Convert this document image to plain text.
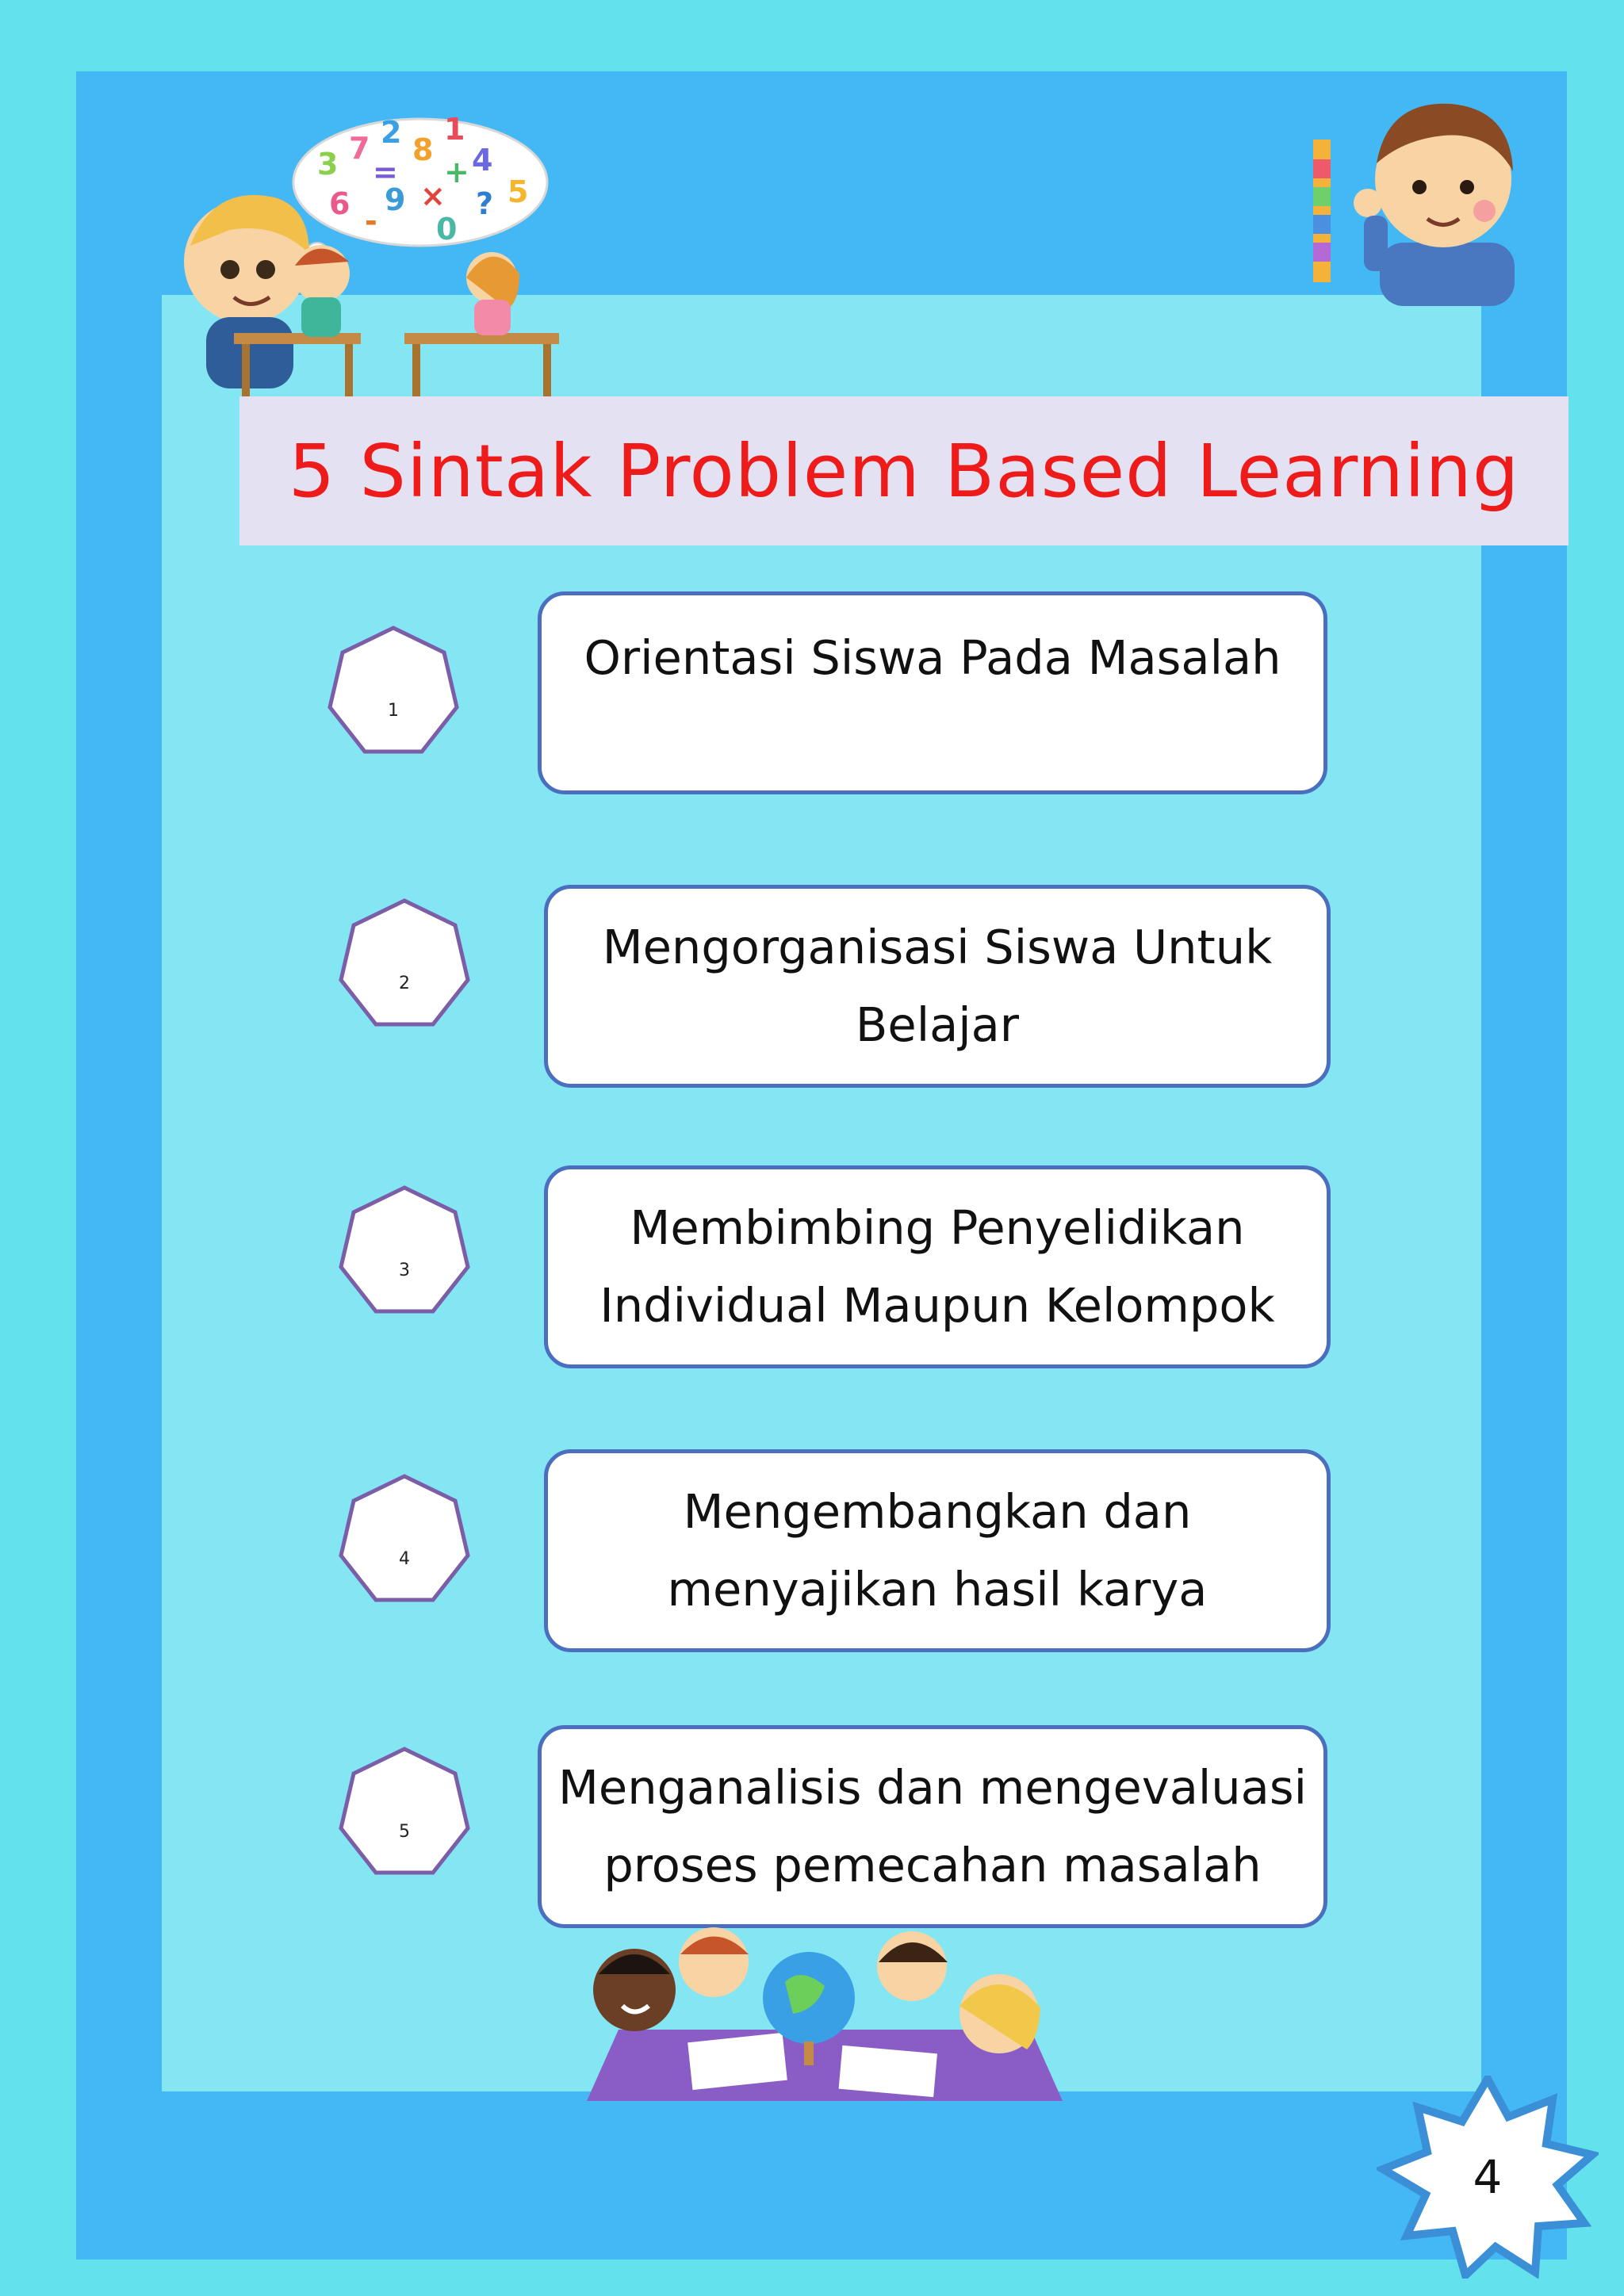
3 7 2 8
1
= + 4
6 9 × ? 5
0
-
5 Sintak Problem Based Learning
1
2
3
4
5
Orientasi Siswa Pada Masalah
Mengorganisasi Siswa Untuk
Belajar
Membimbing Penyelidikan
Individual Maupun Kelompok
Mengembangkan dan
menyajikan hasil karya
Menganalisis dan mengevaluasi
proses pemecahan masalah
4
